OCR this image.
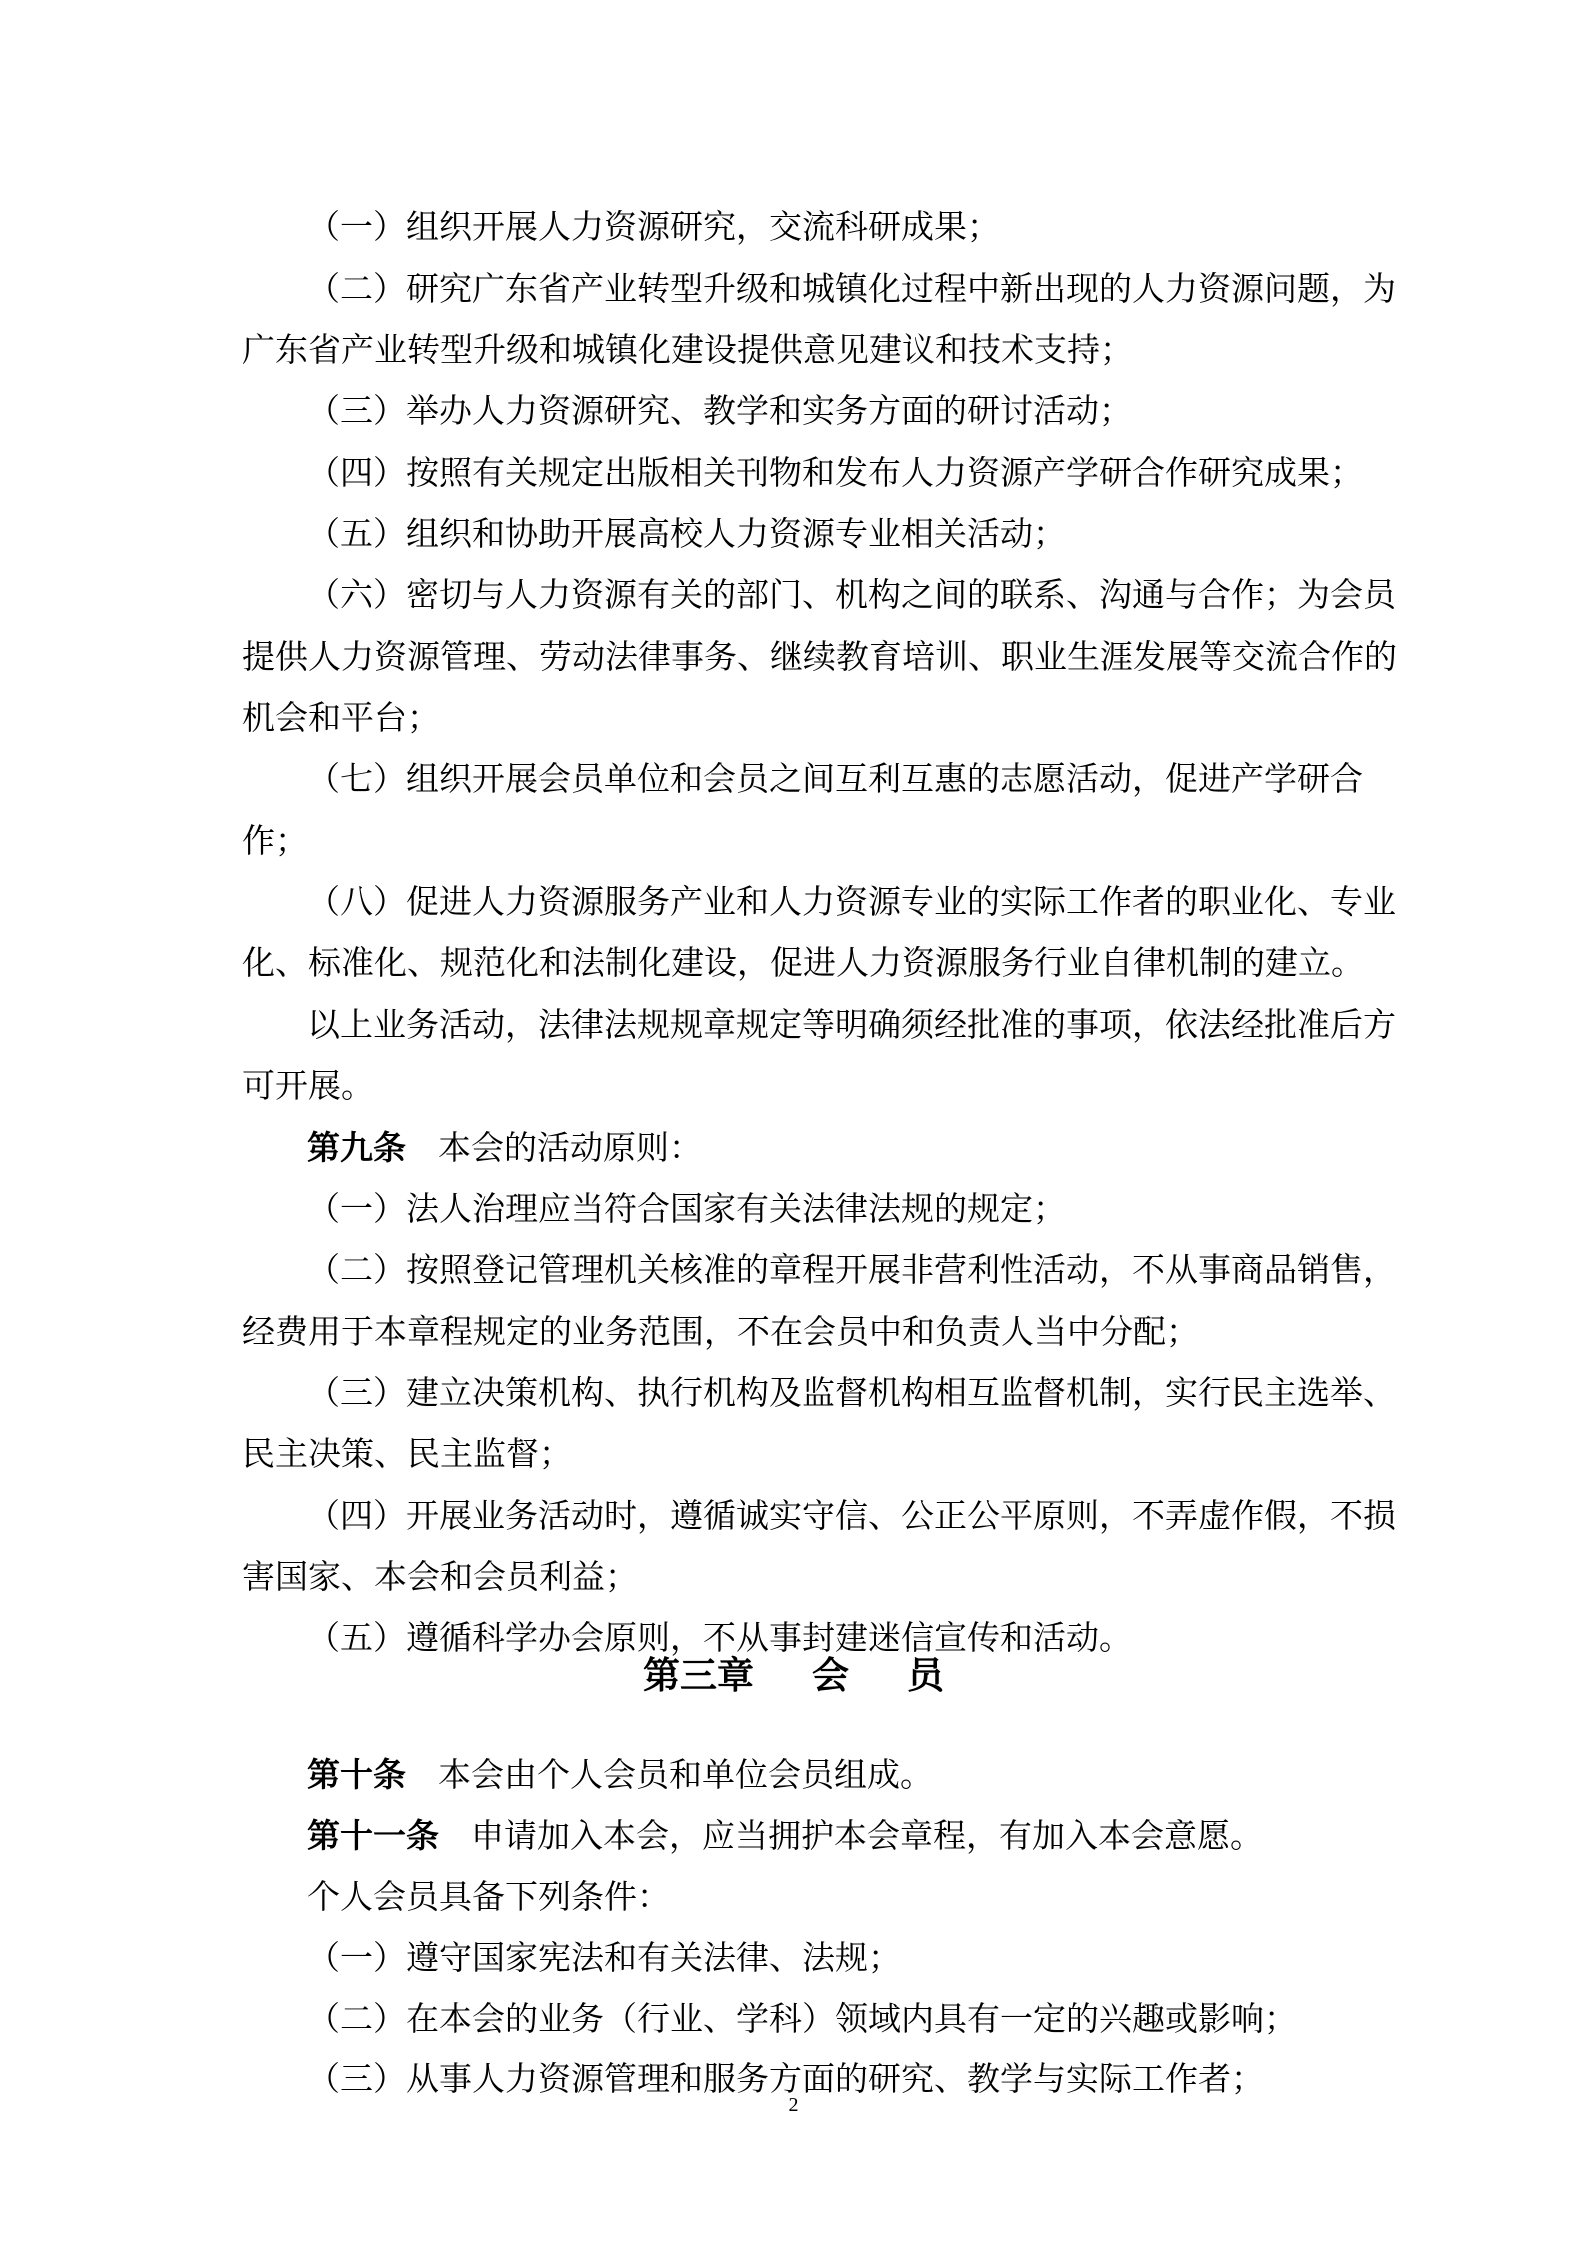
（一）组织开展人力资源研究，交流科研成果；
（二）研究广东省产业转型升级和城镇化过程中新出现的人力资源问题，为
广东省产业转型升级和城镇化建设提供意见建议和技术支持；
（三）举办人力资源研究、教学和实务方面的研讨活动；
（四）按照有关规定出版相关刊物和发布人力资源产学研合作研究成果；
（五）组织和协助开展高校人力资源专业相关活动；
（六）密切与人力资源有关的部门、机构之间的联系、沟通与合作；为会员
提供人力资源管理、劳动法律事务、继续教育培训、职业生涯发展等交流合作的
机会和平台；
（七）组织开展会员单位和会员之间互利互惠的志愿活动，促进产学研合
作；
（八）促进人力资源服务产业和人力资源专业的实际工作者的职业化、专业
化、标准化、规范化和法制化建设，促进人力资源服务行业自律机制的建立。
以上业务活动，法律法规规章规定等明确须经批准的事项，依法经批准后方
可开展。
第九条 本会的活动原则：
（一）法人治理应当符合国家有关法律法规的规定；
（二）按照登记管理机关核准的章程开展非营利性活动，不从事商品销售，
经费用于本章程规定的业务范围，不在会员中和负责人当中分配；
（三）建立决策机构、执行机构及监督机构相互监督机制，实行民主选举、
民主决策、民主监督；
（四）开展业务活动时，遵循诚实守信、公正公平原则，不弄虚作假，不损
害国家、本会和会员利益；
（五）遵循科学办会原则，不从事封建迷信宣传和活动。
第三章 会 员
第十条 本会由个人会员和单位会员组成。
第十一条 申请加入本会，应当拥护本会章程，有加入本会意愿。
个人会员具备下列条件：
（一）遵守国家宪法和有关法律、法规；
（二）在本会的业务（行业、学科）领域内具有一定的兴趣或影响；
（三）从事人力资源管理和服务方面的研究、教学与实际工作者；
2
